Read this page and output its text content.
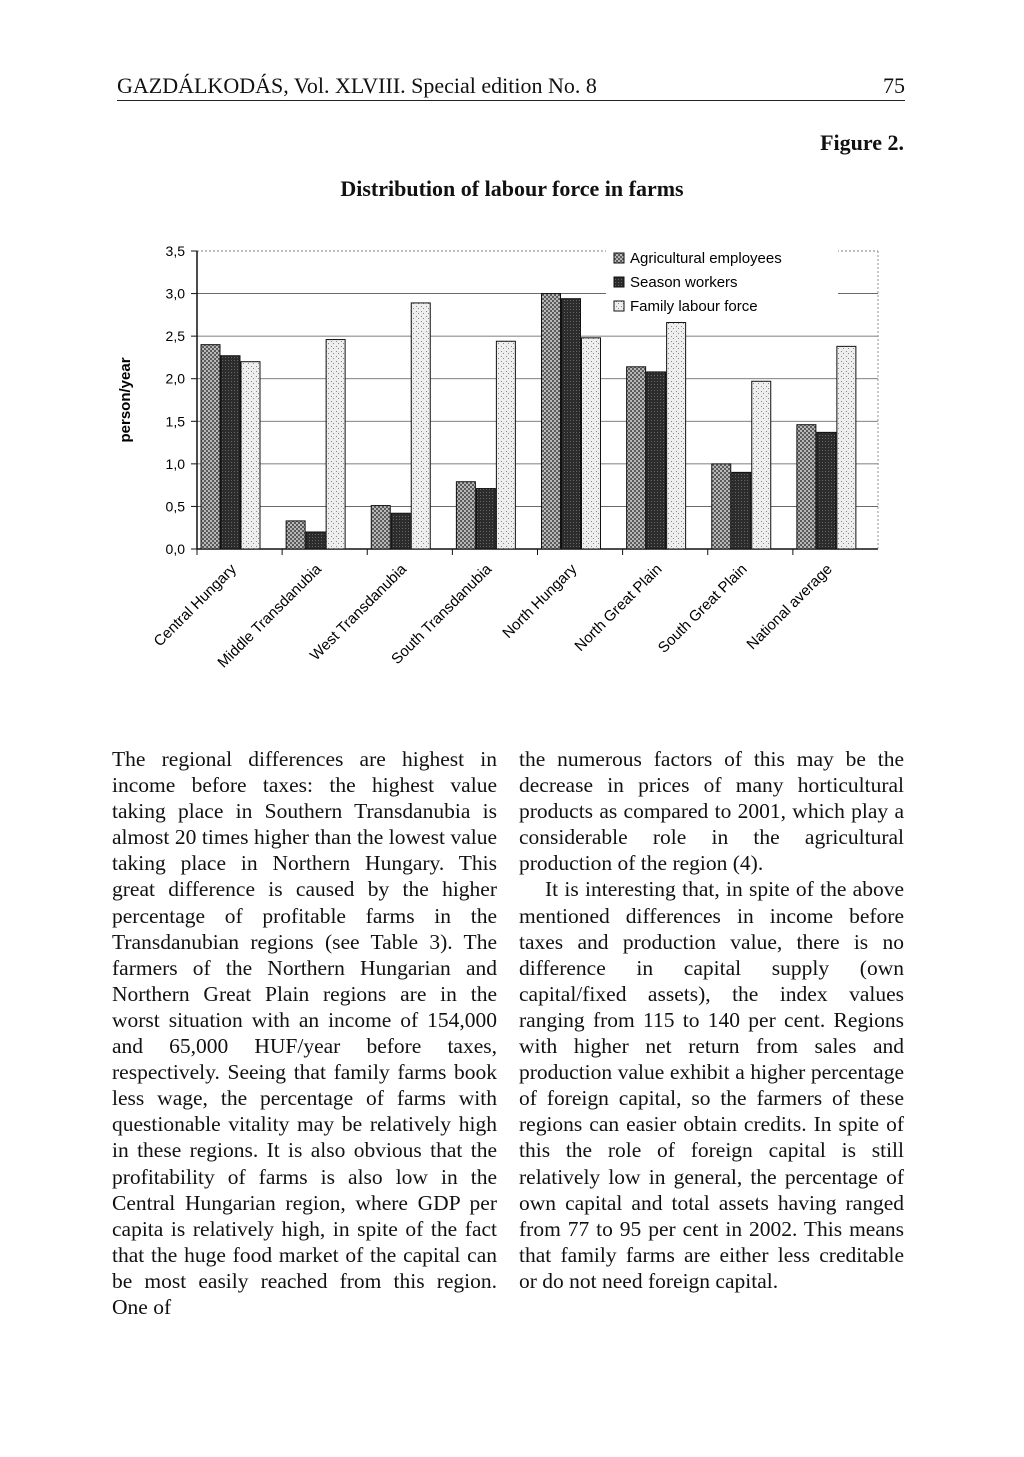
GAZDÁLKODÁS, Vol. XLVIII. Special edition No. 8	75
Figure 2.
Distribution of labour force in farms
0,0
0,5
1,0
1,5
2,0
2,5
3,0
3,5
Central Hungary
Middle Transdanubia
West Transdanubia
South Transdanubia North Hungary
North Great Plain
South Great Plain
National average
Agricultural employees
Season workers
Family labour force
person/year

The regional differences are highest in income before taxes: the highest value taking place in Southern Transdanubia is almost 20 times higher than the lowest value taking place in Northern Hungary. This great difference is caused by the higher percentage of profitable farms in the Transdanubian regions (see Table 3). The farmers of the Northern Hungarian and Northern Great Plain regions are in the worst situation with an income of 154,000 and 65,000 HUF/year before taxes, respectively. Seeing that family farms book less wage, the percentage of farms with questionable vitality may be relatively high in these regions. It is also obvious that the profitability of farms is also low in the Central Hungarian region, where GDP per capita is relatively high, in spite of the fact that the huge food market of the capital can be most easily reached from this region. One of

the numerous factors of this may be the decrease in prices of many horticultural products as compared to 2001, which play a considerable role in the agricultural production of the region (4).

It is interesting that, in spite of the above mentioned differences in income before taxes and production value, there is no difference in capital supply (own capital/fixed assets), the index values ranging from 115 to 140 per cent. Regions with higher net return from sales and production value exhibit a higher percentage of foreign capital, so the farmers of these regions can easier obtain credits. In spite of this the role of foreign capital is still relatively low in general, the percentage of own capital and total assets having ranged from 77 to 95 per cent in 2002. This means that family farms are either less creditable or do not need foreign capital.
